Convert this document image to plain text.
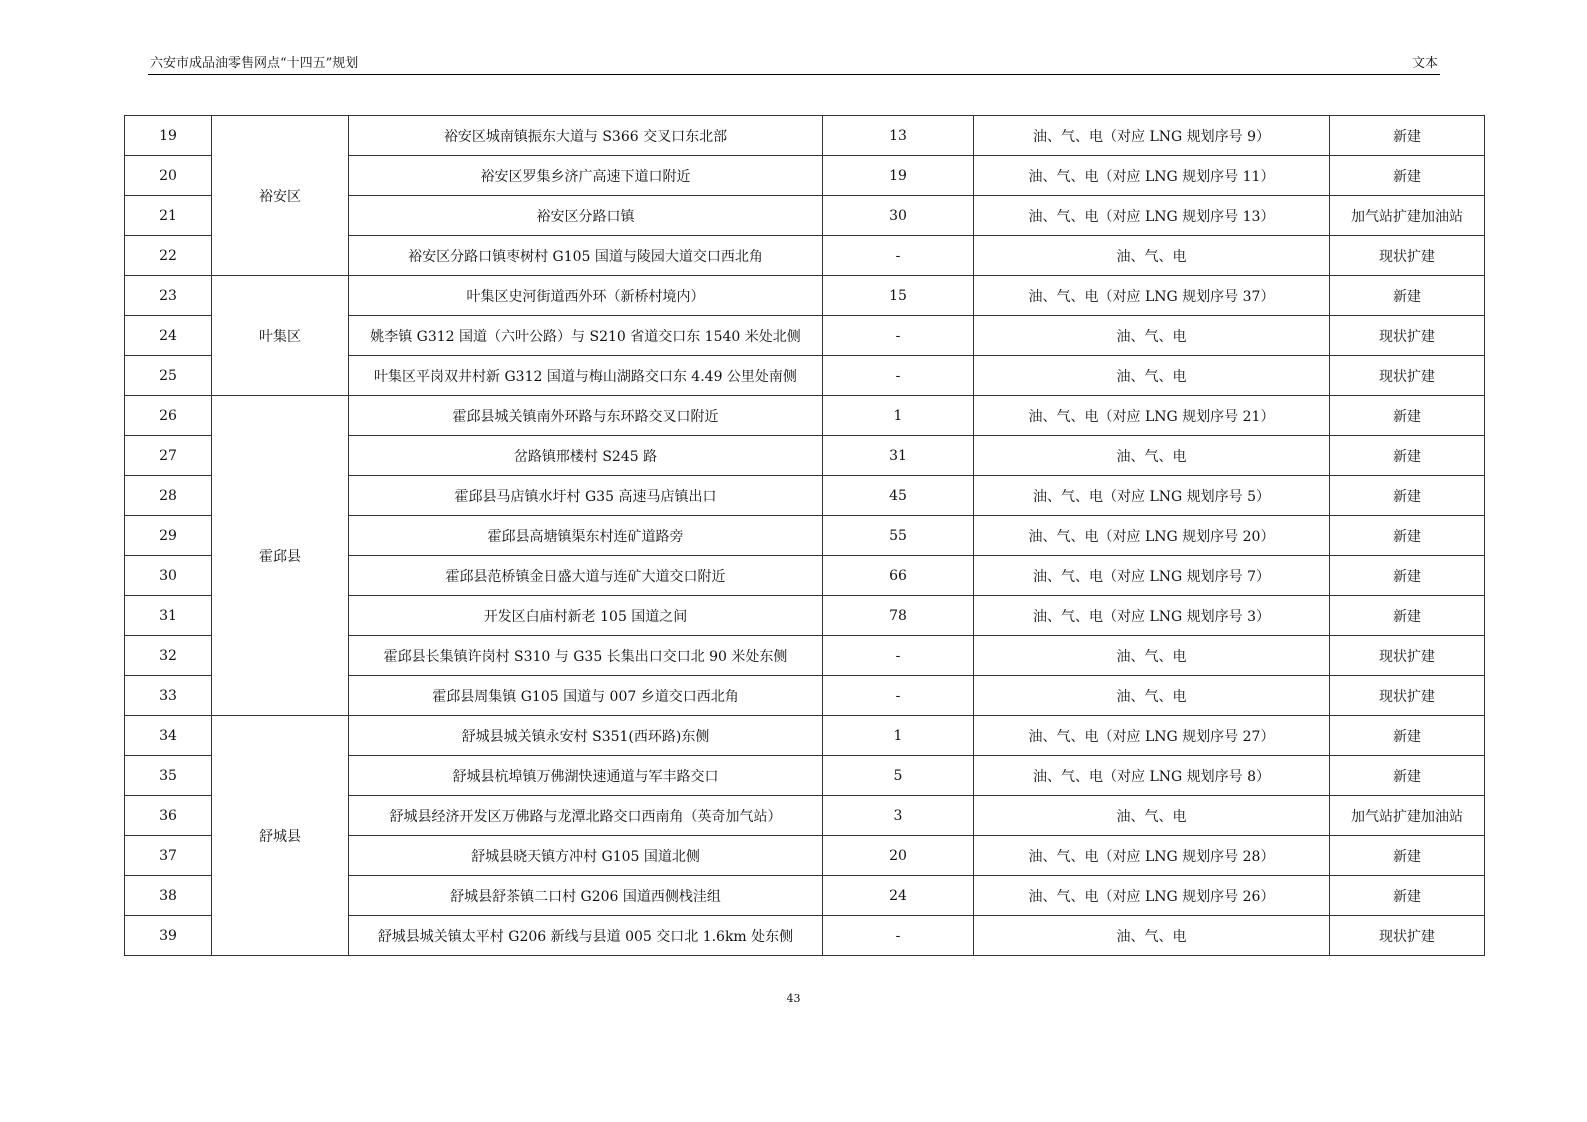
六安市成品油零售网点“十四五”规划	文本
19	裕安区	裕安区城南镇振东大道与 S366 交叉口东北部	13	油、气、电（对应 LNG 规划序号 9）	新建
20		裕安区罗集乡济广高速下道口附近	19	油、气、电（对应 LNG 规划序号 11）	新建
21		裕安区分路口镇	30	油、气、电（对应 LNG 规划序号 13）	加气站扩建加油站
22		裕安区分路口镇枣树村 G105 国道与陵园大道交口西北角	-	油、气、电	现状扩建
23	叶集区	叶集区史河街道西外环（新桥村境内）	15	油、气、电（对应 LNG 规划序号 37）	新建
24		姚李镇 G312 国道（六叶公路）与 S210 省道交口东 1540 米处北侧	-	油、气、电	现状扩建
25		叶集区平岗双井村新 G312 国道与梅山湖路交口东 4.49 公里处南侧	-	油、气、电	现状扩建
26	霍邱县	霍邱县城关镇南外环路与东环路交叉口附近	1	油、气、电（对应 LNG 规划序号 21）	新建
27		岔路镇邢楼村 S245 路	31	油、气、电	新建
28		霍邱县马店镇水圩村 G35 高速马店镇出口	45	油、气、电（对应 LNG 规划序号 5）	新建
29		霍邱县高塘镇渠东村连矿道路旁	55	油、气、电（对应 LNG 规划序号 20）	新建
30		霍邱县范桥镇金日盛大道与连矿大道交口附近	66	油、气、电（对应 LNG 规划序号 7）	新建
31		开发区白庙村新老 105 国道之间	78	油、气、电（对应 LNG 规划序号 3）	新建
32		霍邱县长集镇许岗村 S310 与 G35 长集出口交口北 90 米处东侧	-	油、气、电	现状扩建
33		霍邱县周集镇 G105 国道与 007 乡道交口西北角	-	油、气、电	现状扩建
34	舒城县	舒城县城关镇永安村 S351(西环路)东侧	1	油、气、电（对应 LNG 规划序号 27）	新建
35		舒城县杭埠镇万佛湖快速通道与军丰路交口	5	油、气、电（对应 LNG 规划序号 8）	新建
36		舒城县经济开发区万佛路与龙潭北路交口西南角（英奇加气站）	3	油、气、电	加气站扩建加油站
37		舒城县晓天镇方冲村 G105 国道北侧	20	油、气、电（对应 LNG 规划序号 28）	新建
38		舒城县舒茶镇二口村 G206 国道西侧栈洼组	24	油、气、电（对应 LNG 规划序号 26）	新建
39		舒城县城关镇太平村 G206 新线与县道 005 交口北 1.6km 处东侧	-	油、气、电	现状扩建
43
